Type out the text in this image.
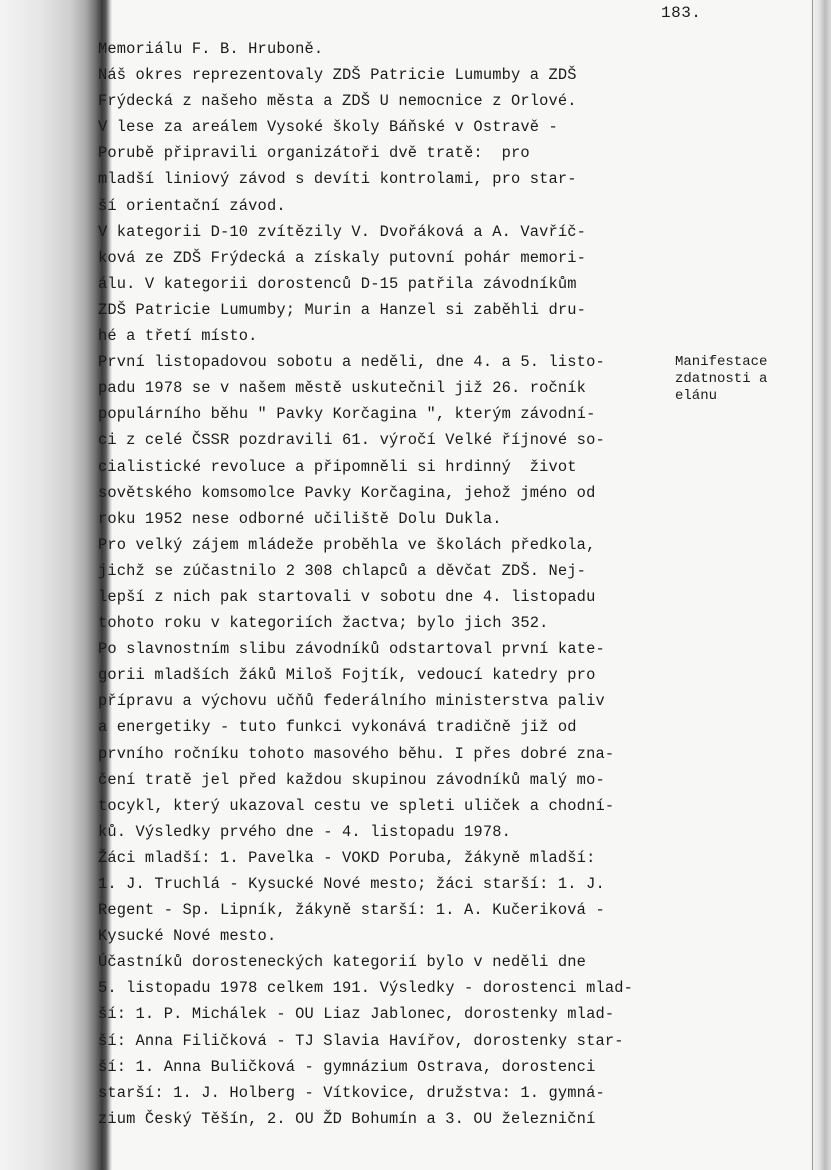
183.
Memoriálu F. B. Hruboně.
Náš okres reprezentovaly ZDŠ Patricie Lumumby a ZDŠ
Frýdecká z našeho města a ZDŠ U nemocnice z Orlové.
V lese za areálem Vysoké školy Báňské v Ostravě -
Porubě připravili organizátoři dvě tratě:  pro
mladší liniový závod s devíti kontrolami, pro star-
ší orientační závod.
V kategorii D-10 zvítězily V. Dvořáková a A. Vavříč-
ková ze ZDŠ Frýdecká a získaly putovní pohár memori-
álu. V kategorii dorostenců D-15 patřila závodníkům
ZDŠ Patricie Lumumby; Murin a Hanzel si zaběhli dru-
hé a třetí místo.
První listopadovou sobotu a neděli, dne 4. a 5. listo-
padu 1978 se v našem městě uskutečnil již 26. ročník
populárního běhu " Pavky Korčagina ", kterým závodní-
ci z celé ČSSR pozdravili 61. výročí Velké říjnové so-
cialistické revoluce a připomněli si hrdinný  život
sovětského komsomolce Pavky Korčagina, jehož jméno od
roku 1952 nese odborné učiliště Dolu Dukla.
Pro velký zájem mládeže proběhla ve školách předkola,
jichž se zúčastnilo 2 308 chlapců a děvčat ZDŠ. Nej-
lepší z nich pak startovali v sobotu dne 4. listopadu
tohoto roku v kategoriích žactva; bylo jich 352.
Po slavnostním slibu závodníků odstartoval první kate-
gorii mladších žáků Miloš Fojtík, vedoucí katedry pro
přípravu a výchovu učňů federálního ministerstva paliv
a energetiky - tuto funkci vykonává tradičně již od
prvního ročníku tohoto masového běhu. I přes dobré zna-
čení tratě jel před každou skupinou závodníků malý mo-
tocykl, který ukazoval cestu ve spleti uliček a chodní-
ků. Výsledky prvého dne - 4. listopadu 1978.
Žáci mladší: 1. Pavelka - VOKD Poruba, žákyně mladší:
1. J. Truchlá - Kysucké Nové mesto; žáci starší: 1. J.
Regent - Sp. Lipník, žákyně starší: 1. A. Kučeriková -
Kysucké Nové mesto.
Účastníků dorosteneckých kategorií bylo v neděli dne
5. listopadu 1978 celkem 191. Výsledky - dorostenci mlad-
ší: 1. P. Michálek - OU Liaz Jablonec, dorostenky mlad-
ší: Anna Filičková - TJ Slavia Havířov, dorostenky star-
ší: 1. Anna Buličková - gymnázium Ostrava, dorostenci
starší: 1. J. Holberg - Vítkovice, družstva: 1. gymná-
zium Český Těšín, 2. OU ŽD Bohumín a 3. OU železniční
Manifestace
zdatnosti a
elánu
